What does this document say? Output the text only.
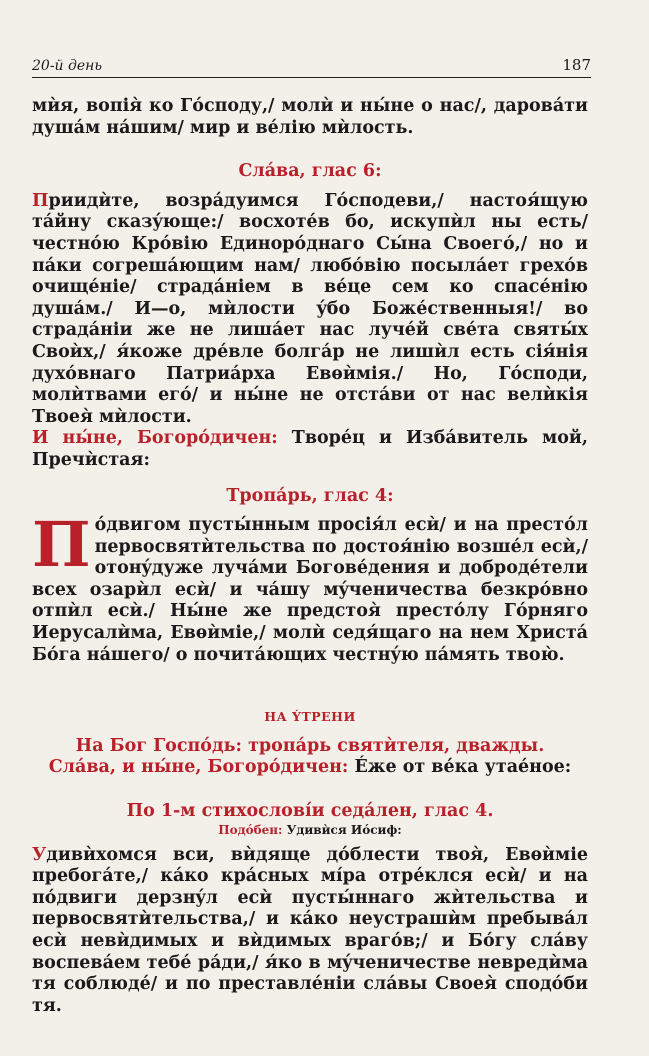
20-й день	187

мѝя, вопiя̀ ко Гóсподу,/ молѝ и ны́не о нас/, даровáти душáм нáшим/ мир и вéлiю мѝлость.

Слáва, глас 6:

Приидѝте, возрáдуимся Гóсподеви,/ настоя́щую тáйну сказýюще:/ восхотéв бо, искупѝл ны есть/ честнóю Крóвiю Единорóднаго Сы́на Своегó,/ но и пáки согрешáющим нам/ любóвiю посылáет грехóв очищéнiе/ страдáнiем в вéце сем ко спасéнiю душáм./ И—о, мѝлости ýбо Божéственныя!/ во страдáнiи же не лишáет нас лучéй свéта святы́х Своѝх,/ я́коже дрéвле болгáр не лишѝл есть сiя́нiя духóвнаго Патриáрха Евѳѝмiя./ Но, Гóсподи, молѝтвами егó/ и ны́не не отстáви от нас велѝкiя Твоея̀ мѝлости.

И ны́не, Богорóдичен: Творéц и Избáвитель мой, Пречѝстая:

Тропáрь, глас 4:

Пóдвигом пусты́нным просiя́л есѝ/ и на престóл первосвятѝтельства по достоя́нiю возшéл есѝ,/ отонýдуже лучáми Боговéдения и добродéтели всех озарѝл есѝ/ и чáшу мýченичества безкрóвно отпѝл есѝ./ Ны́не же предстоя̀ престóлу Гóрняго Иерусалѝма, Евѳѝмiе,/ молѝ седя́щаго на нем Христá Бóга нáшего/ о почитáющих честнýю пáмять твою̀.

НА ÝТРЕНИ

На Бог Госпóдь: тропáрь святѝтеля, дважды.

Слáва, и ны́не, Богорóдичен: Éже от вéка утаéное:

По 1-м стихословíи седáлен, глас 4.

Подóбен: Удивѝся Иóсиф:

Удивѝхомся вси, вѝдяще дóблести твоя̀, Евѳѝмiе пребогáте,/ кáко крáсных мíра отрéклся есѝ/ и на пóдвиги дерзнýл есѝ пусты́ннаго жѝтельства и первосвятѝтельства,/ и кáко неустрашѝм пребывáл есѝ невѝдимых и вѝдимых врагóв;/ и Бóгу слáву воспевáем тебé рáди,/ я́ко в мýченичестве невредѝма тя соблюдé/ и по преставлéнiи слáвы Своея̀ сподóби тя.
